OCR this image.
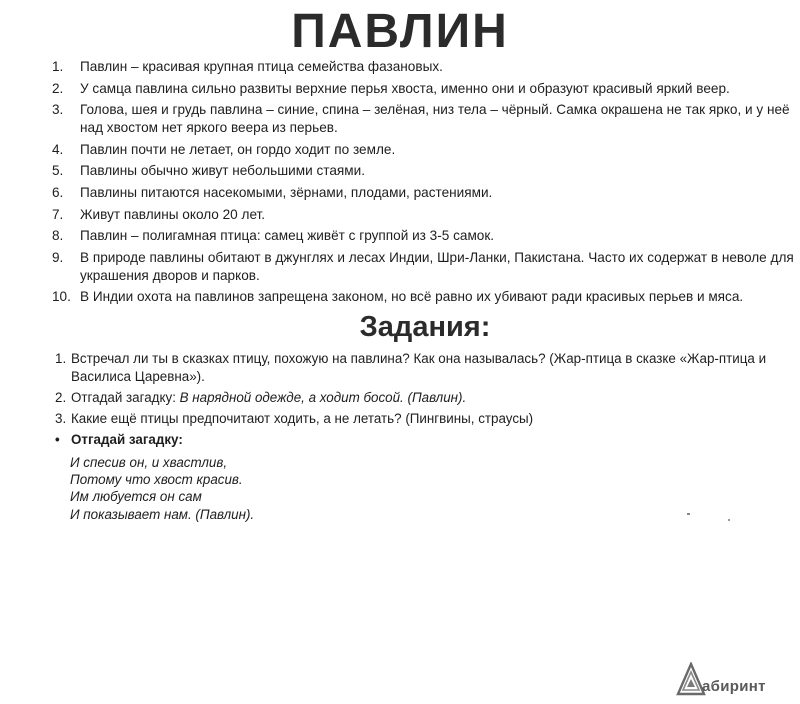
ПАВЛИН
1.	Павлин – красивая крупная птица семейства фазановых.
2.	У самца павлина сильно развиты верхние перья хвоста, именно они и образуют красивый яркий веер.
3.	Голова, шея и грудь павлина – синие, спина – зелёная, низ тела – чёрный. Самка окрашена не так ярко, и у неё над хвостом нет яркого веера из перьев.
4.	Павлин почти не летает, он гордо ходит по земле.
5.	Павлины обычно живут небольшими стаями.
6.	Павлины питаются насекомыми, зёрнами, плодами, растениями.
7.	Живут павлины около 20 лет.
8.	Павлин – полигамная птица: самец живёт с группой из 3-5 самок.
9.	В природе павлины обитают в джунглях и лесах Индии, Шри-Ланки, Пакистана. Часто их содержат в неволе для украшения дворов и парков.
10. В Индии охота на павлинов запрещена законом, но всё равно их убивают ради красивых перьев и мяса.
Задания:
1. Встречал ли ты в сказках птицу, похожую на павлина? Как она называлась? (Жар-птица в сказке «Жар-птица и Василиса Царевна»).
2. Отгадай загадку: В нарядной одежде, а ходит босой. (Павлин).
3. Какие ещё птицы предпочитают ходить, а не летать? (Пингвины, страусы)
• Отгадай загадку:
И спесив он, и хвастлив,
Потому что хвост красив.
Им любуется он сам
И показывает нам. (Павлин).
абиринт
